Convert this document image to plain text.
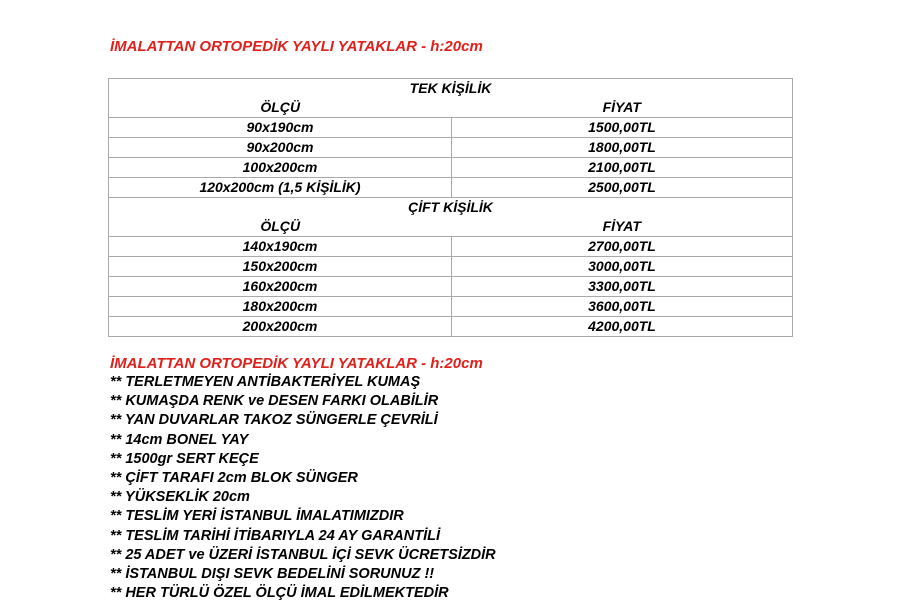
İMALATTAN ORTOPEDİK YAYLI YATAKLAR - h:20cm
TEK KİŞİLİK	
ÖLÇÜ	FİYAT
90x190cm	1500,00TL
90x200cm	1800,00TL
100x200cm	2100,00TL
120x200cm (1,5 KİŞİLİK)	2500,00TL
ÇİFT KİŞİLİK	
ÖLÇÜ	FİYAT
140x190cm	2700,00TL
150x200cm	3000,00TL
160x200cm	3300,00TL
180x200cm	3600,00TL
200x200cm	4200,00TL
İMALATTAN ORTOPEDİK YAYLI YATAKLAR - h:20cm
** TERLETMEYEN ANTİBAKTERİYEL KUMAŞ
** KUMAŞDA RENK ve DESEN FARKI OLABİLİR
** YAN DUVARLAR TAKOZ SÜNGERLE ÇEVRİLİ
** 14cm BONEL YAY
** 1500gr SERT KEÇE
** ÇİFT TARAFI 2cm BLOK SÜNGER
** YÜKSEKLİK 20cm
** TESLİM YERİ İSTANBUL İMALATIMIZDIR
** TESLİM TARİHİ İTİBARIYLA 24 AY GARANTİLİ
** 25 ADET ve ÜZERİ İSTANBUL İÇİ SEVK ÜCRETSİZDİR
** İSTANBUL DIŞI SEVK BEDELİNİ SORUNUZ !!
** HER TÜRLÜ ÖZEL ÖLÇÜ İMAL EDİLMEKTEDİR
